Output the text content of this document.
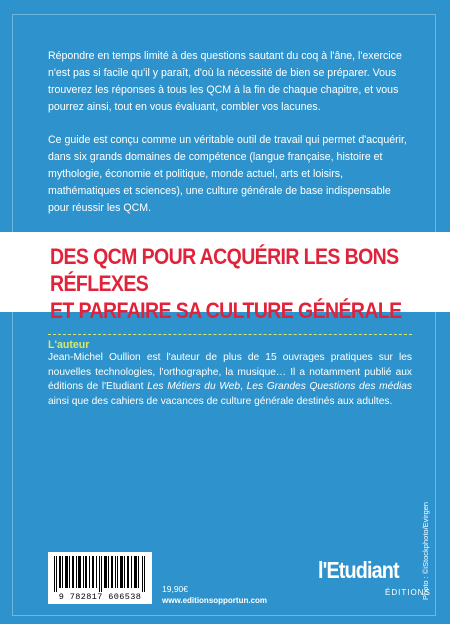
Répondre en temps limité à des questions sautant du coq à l'âne, l'exercice n'est pas si facile qu'il y paraît, d'où la nécessité de bien se préparer. Vous trouverez les réponses à tous les QCM à la fin de chaque chapitre, et vous pourrez ainsi, tout en vous évaluant, combler vos lacunes.

Ce guide est conçu comme un véritable outil de travail qui permet d'acquérir, dans six grands domaines de compétence (langue française, histoire et mythologie, économie et politique, monde actuel, arts et loisirs, mathématiques et sciences), une culture générale de base indispensable pour réussir les QCM.

DES QCM POUR ACQUÉRIR LES BONS RÉFLEXES
ET PARFAIRE SA CULTURE GÉNÉRALE
L'auteur
Jean-Michel Oullion est l'auteur de plus de 15 ouvrages pratiques sur les nouvelles technologies, l'orthographe, la musique… Il a notamment publié aux éditions de l'Etudiant Les Métiers du Web, Les Grandes Questions des médias ainsi que des cahiers de vacances de culture générale destinés aux adultes.
9 782817 606538
19,90€
www.editionsopportun.com
l'Etudiant
ÉDITIONS
Photo : ©iStockphoto/Evirgen
